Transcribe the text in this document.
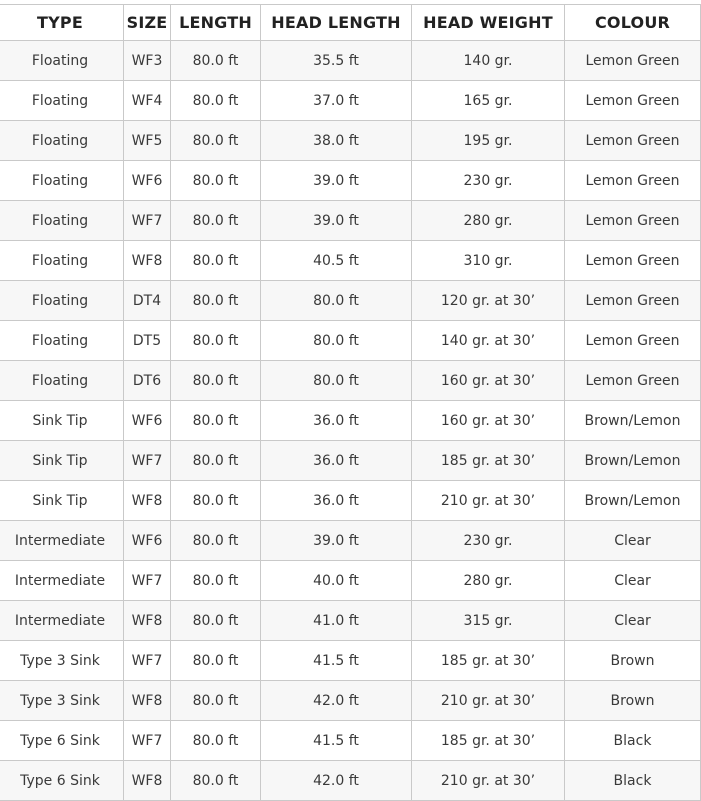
TYPE	SIZE	LENGTH	HEAD LENGTH	HEAD WEIGHT	COLOUR
Floating	WF3	80.0 ft	35.5 ft	140 gr.	Lemon Green
Floating	WF4	80.0 ft	37.0 ft	165 gr.	Lemon Green
Floating	WF5	80.0 ft	38.0 ft	195 gr.	Lemon Green
Floating	WF6	80.0 ft	39.0 ft	230 gr.	Lemon Green
Floating	WF7	80.0 ft	39.0 ft	280 gr.	Lemon Green
Floating	WF8	80.0 ft	40.5 ft	310 gr.	Lemon Green
Floating	DT4	80.0 ft	80.0 ft	120 gr. at 30’	Lemon Green
Floating	DT5	80.0 ft	80.0 ft	140 gr. at 30’	Lemon Green
Floating	DT6	80.0 ft	80.0 ft	160 gr. at 30’	Lemon Green
Sink Tip	WF6	80.0 ft	36.0 ft	160 gr. at 30’	Brown/Lemon
Sink Tip	WF7	80.0 ft	36.0 ft	185 gr. at 30’	Brown/Lemon
Sink Tip	WF8	80.0 ft	36.0 ft	210 gr. at 30’	Brown/Lemon
Intermediate	WF6	80.0 ft	39.0 ft	230 gr.	Clear
Intermediate	WF7	80.0 ft	40.0 ft	280 gr.	Clear
Intermediate	WF8	80.0 ft	41.0 ft	315 gr.	Clear
Type 3 Sink	WF7	80.0 ft	41.5 ft	185 gr. at 30’	Brown
Type 3 Sink	WF8	80.0 ft	42.0 ft	210 gr. at 30’	Brown
Type 6 Sink	WF7	80.0 ft	41.5 ft	185 gr. at 30’	Black
Type 6 Sink	WF8	80.0 ft	42.0 ft	210 gr. at 30’	Black
